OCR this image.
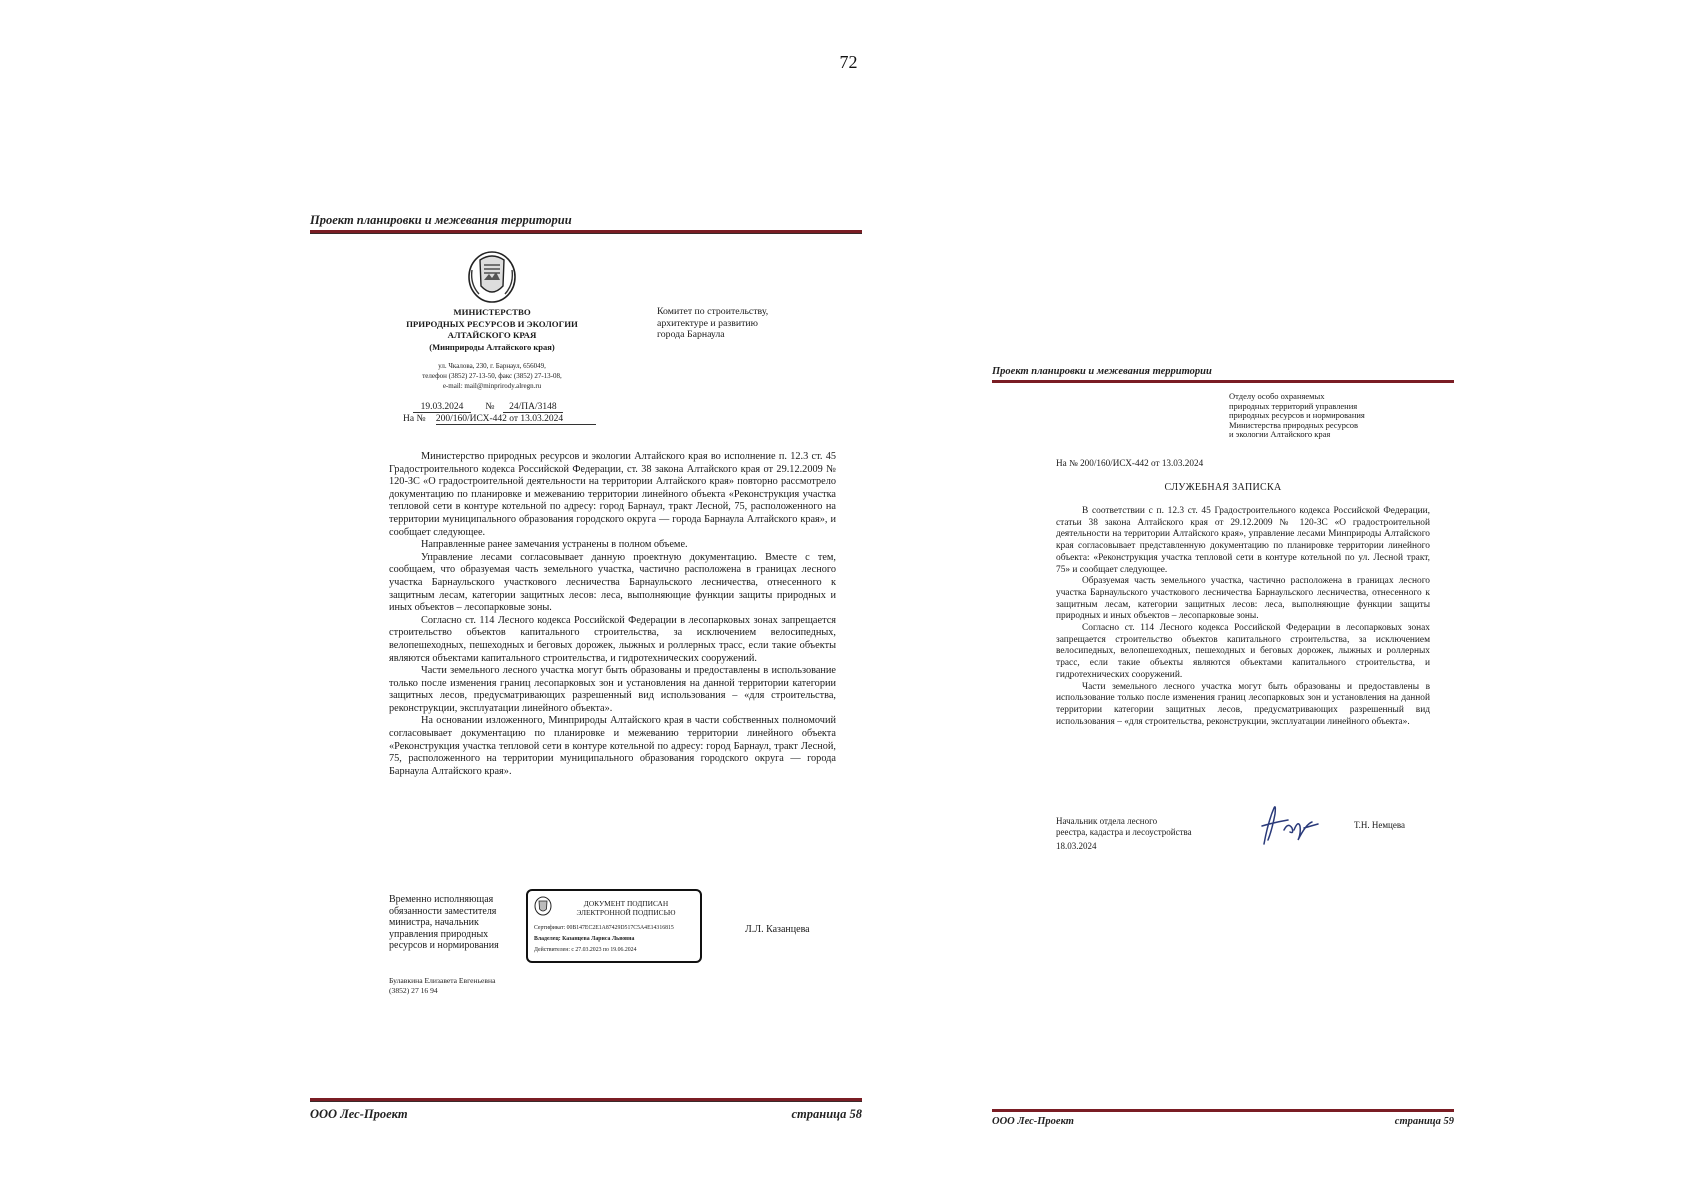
72
Проект планировки и межевания территории
МИНИСТЕРСТВО
ПРИРОДНЫХ РЕСУРСОВ И ЭКОЛОГИИ
АЛТАЙСКОГО КРАЯ
(Минприроды Алтайского края)
ул. Чкалова, 230, г. Барнаул, 656049,
телефон (3852) 27-13-50, факс (3852) 27-13-08,
e-mail: mail@minprirody.alregn.ru
19.03.2024 № 24/ПА/3148
На № 200/160/ИСХ-442 от 13.03.2024
Комитет по строительству,
архитектуре и развитию
города Барнаула

Министерство природных ресурсов и экологии Алтайского края во исполнение п. 12.3 ст. 45 Градостроительного кодекса Российской Федерации, ст. 38 закона Алтайского края от 29.12.2009 № 120-ЗС «О градостроительной деятельности на территории Алтайского края» повторно рассмотрело документацию по планировке и межеванию территории линейного объекта «Реконструкция участка тепловой сети в контуре котельной по адресу: город Барнаул, тракт Лесной, 75, расположенного на территории муниципального образования городского округа — города Барнаула Алтайского края», и сообщает следующее.

Направленные ранее замечания устранены в полном объеме.

Управление лесами согласовывает данную проектную документацию. Вместе с тем, сообщаем, что образуемая часть земельного участка, частично расположена в границах лесного участка Барнаульского участкового лесничества Барнаульского лесничества, отнесенного к защитным лесам, категории защитных лесов: леса, выполняющие функции защиты природных и иных объектов – лесопарковые зоны.

Согласно ст. 114 Лесного кодекса Российской Федерации в лесопарковых зонах запрещается строительство объектов капитального строительства, за исключением велосипедных, велопешеходных, пешеходных и беговых дорожек, лыжных и роллерных трасс, если такие объекты являются объектами капитального строительства, и гидротехнических сооружений.

Части земельного лесного участка могут быть образованы и предоставлены в использование только после изменения границ лесопарковых зон и установления на данной территории категории защитных лесов, предусматривающих разрешенный вид использования – «для строительства, реконструкции, эксплуатации линейного объекта».

На основании изложенного, Минприроды Алтайского края в части собственных полномочий согласовывает документацию по планировке и межеванию территории линейного объекта «Реконструкция участка тепловой сети в контуре котельной по адресу: город Барнаул, тракт Лесной, 75, расположенного на территории муниципального образования городского округа — города Барнаула Алтайского края».

Временно исполняющая
обязанности заместителя
министра, начальник
управления природных
ресурсов и нормирования
ДОКУМЕНТ ПОДПИСАН
ЭЛЕКТРОННОЙ ПОДПИСЬЮ
Сертификат: 00B147EC2E1A87429D517C5A4E14316815
Владелец: Казанцева Лариса Львовна
Действителен: с 27.03.2023 по 19.06.2024
Л.Л. Казанцева
Булавкина Елизавета Евгеньевна
(3852) 27 16 94
ООО Лес-Проект	страница 58
Проект планировки и межевания территории
Отделу особо охраняемых
природных территорий управления
природных ресурсов и нормирования
Министерства природных ресурсов
и экологии Алтайского края
На № 200/160/ИСХ-442 от 13.03.2024
СЛУЖЕБНАЯ ЗАПИСКА

В соответствии с п. 12.3 ст. 45 Градостроительного кодекса Российской Федерации, статьи 38 закона Алтайского края от 29.12.2009 № 120-ЗС «О градостроительной деятельности на территории Алтайского края», управление лесами Минприроды Алтайского края согласовывает представленную документацию по планировке территории линейного объекта: «Реконструкция участка тепловой сети в контуре котельной по ул. Лесной тракт, 75» и сообщает следующее.

Образуемая часть земельного участка, частично расположена в границах лесного участка Барнаульского участкового лесничества Барнаульского лесничества, отнесенного к защитным лесам, категории защитных лесов: леса, выполняющие функции защиты природных и иных объектов – лесопарковые зоны.

Согласно ст. 114 Лесного кодекса Российской Федерации в лесопарковых зонах запрещается строительство объектов капитального строительства, за исключением велосипедных, велопешеходных, пешеходных и беговых дорожек, лыжных и роллерных трасс, если такие объекты являются объектами капитального строительства, и гидротехнических сооружений.

Части земельного лесного участка могут быть образованы и предоставлены в использование только после изменения границ лесопарковых зон и установления на данной территории категории защитных лесов, предусматривающих разрешенный вид использования – «для строительства, реконструкции, эксплуатации линейного объекта».

Начальник отдела лесного
реестра, кадастра и лесоустройства
18.03.2024
Т.Н. Немцева
ООО Лес-Проект	страница 59
